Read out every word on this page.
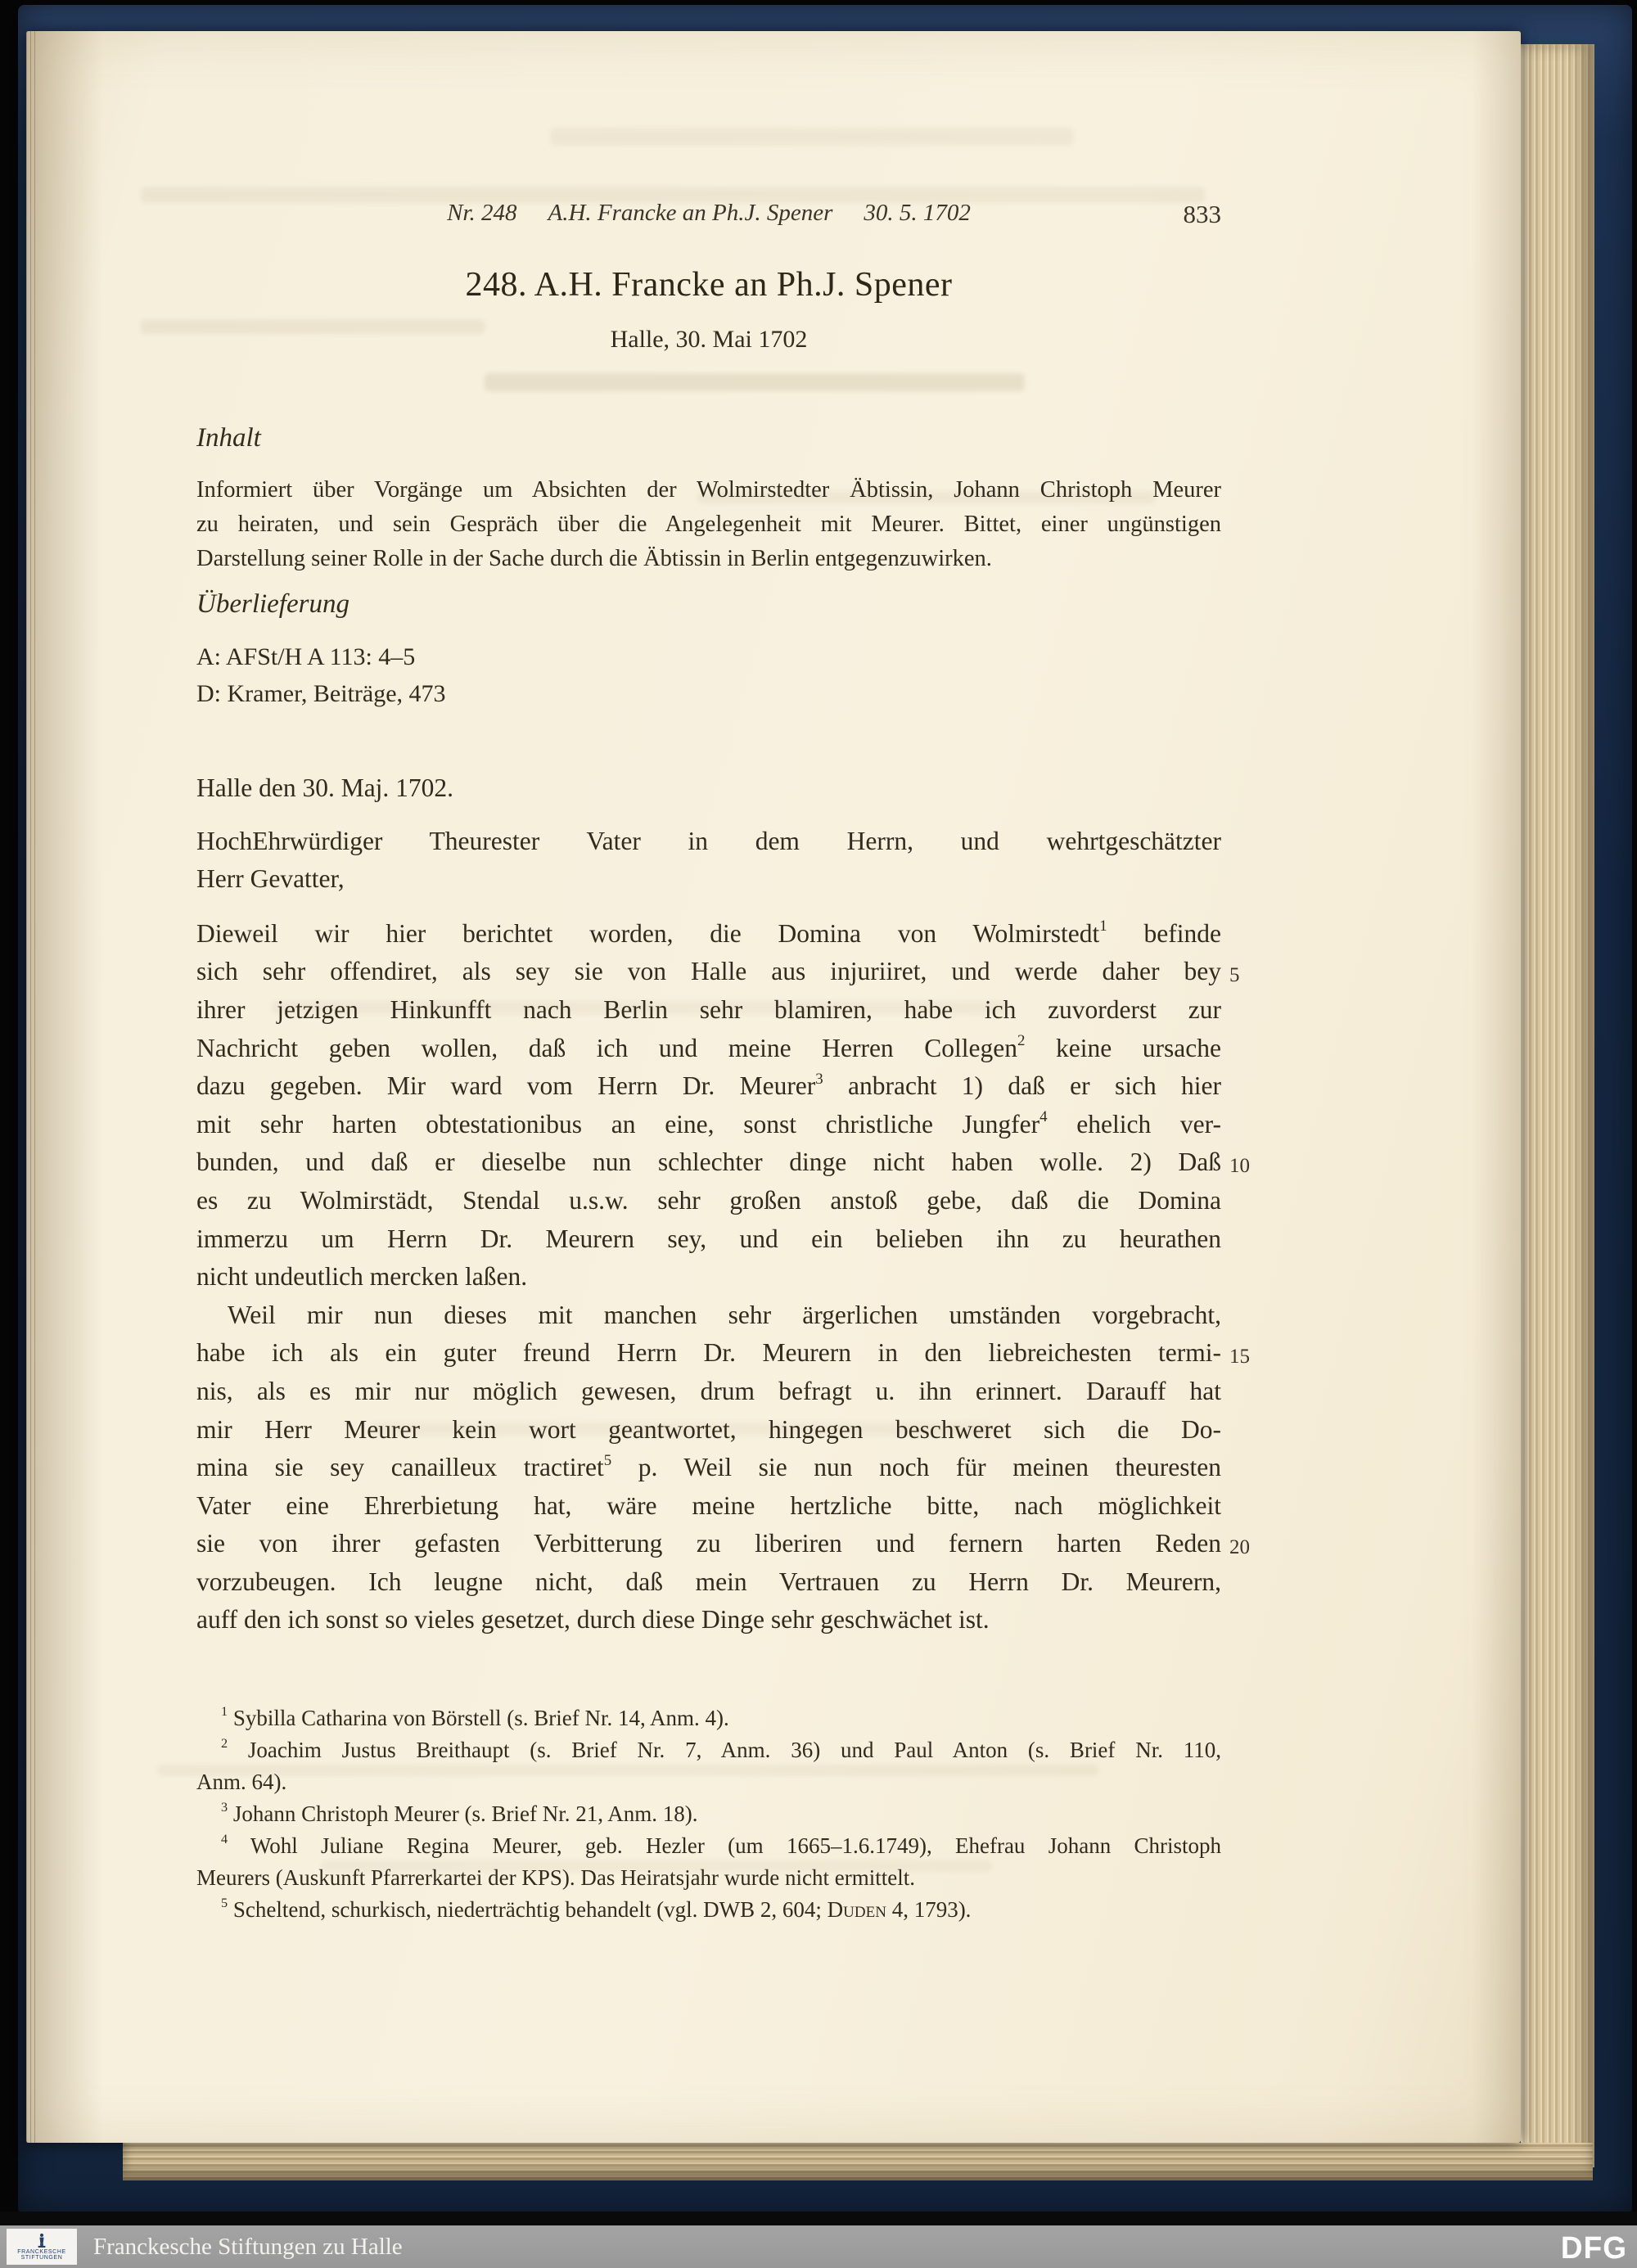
Nr. 248 A.H. Francke an Ph.J. Spener 30. 5. 1702	833
248. A.H. Francke an Ph.J. Spener
Halle, 30. Mai 1702
Inhalt
Informiert über Vorgänge um Absichten der Wolmirstedter Äbtissin, Johann Christoph Meurer
zu heiraten, und sein Gespräch über die Angelegenheit mit Meurer. Bittet, einer ungünstigen
Darstellung seiner Rolle in der Sache durch die Äbtissin in Berlin entgegenzuwirken.
Überlieferung
A: AFSt/H A 113: 4–5
D: Kramer, Beiträge, 473
Halle den 30. Maj. 1702.
HochEhrwürdiger Theurester Vater in dem Herrn, und wehrtgeschätzter
Herr Gevatter,
Dieweil wir hier berichtet worden, die Domina von Wolmirstedt$^1$ befinde
sich sehr offendiret, als sey sie von Halle aus injuriiret, und werde daher bey 5
ihrer jetzigen Hinkunfft nach Berlin sehr blamiren, habe ich zuvorderst zur
Nachricht geben wollen, daß ich und meine Herren Collegen$^2$ keine ursache
dazu gegeben. Mir ward vom Herrn Dr. Meurer$^3$ anbracht 1) daß er sich hier
mit sehr harten obtestationibus an eine, sonst christliche Jungfer$^4$ ehelich ver-
bunden, und daß er dieselbe nun schlechter dinge nicht haben wolle. 2) Daß 10
es zu Wolmirstädt, Stendal u.s.w. sehr großen anstoß gebe, daß die Domina
immerzu um Herrn Dr. Meurern sey, und ein belieben ihn zu heurathen
nicht undeutlich mercken laßen.
Weil mir nun dieses mit manchen sehr ärgerlichen umständen vorgebracht,
habe ich als ein guter freund Herrn Dr. Meurern in den liebreichesten termi- 15
nis, als es mir nur möglich gewesen, drum befragt u. ihn erinnert. Darauff hat
mir Herr Meurer kein wort geantwortet, hingegen beschweret sich die Do-
mina sie sey canailleux tractiret$^5$ p. Weil sie nun noch für meinen theuresten
Vater eine Ehrerbietung hat, wäre meine hertzliche bitte, nach möglichkeit
sie von ihrer gefasten Verbitterung zu liberiren und fernern harten Reden 20
vorzubeugen. Ich leugne nicht, daß mein Vertrauen zu Herrn Dr. Meurern,
auff den ich sonst so vieles gesetzet, durch diese Dinge sehr geschwächet ist.
$^1$ Sybilla Catharina von Börstell (s. Brief Nr. 14, Anm. 4).
$^2$ Joachim Justus Breithaupt (s. Brief Nr. 7, Anm. 36) und Paul Anton (s. Brief Nr. 110,
Anm. 64).
$^3$ Johann Christoph Meurer (s. Brief Nr. 21, Anm. 18).
$^4$ Wohl Juliane Regina Meurer, geb. Hezler (um 1665–1.6.1749), Ehefrau Johann Christoph
Meurers (Auskunft Pfarrerkartei der KPS). Das Heiratsjahr wurde nicht ermittelt.
$^5$ Scheltend, schurkisch, niederträchtig behandelt (vgl. DWB 2, 604; Duden 4, 1793).
FRANCKESCHE
STIFTUNGEN Franckesche Stiftungen zu Halle	DFG
